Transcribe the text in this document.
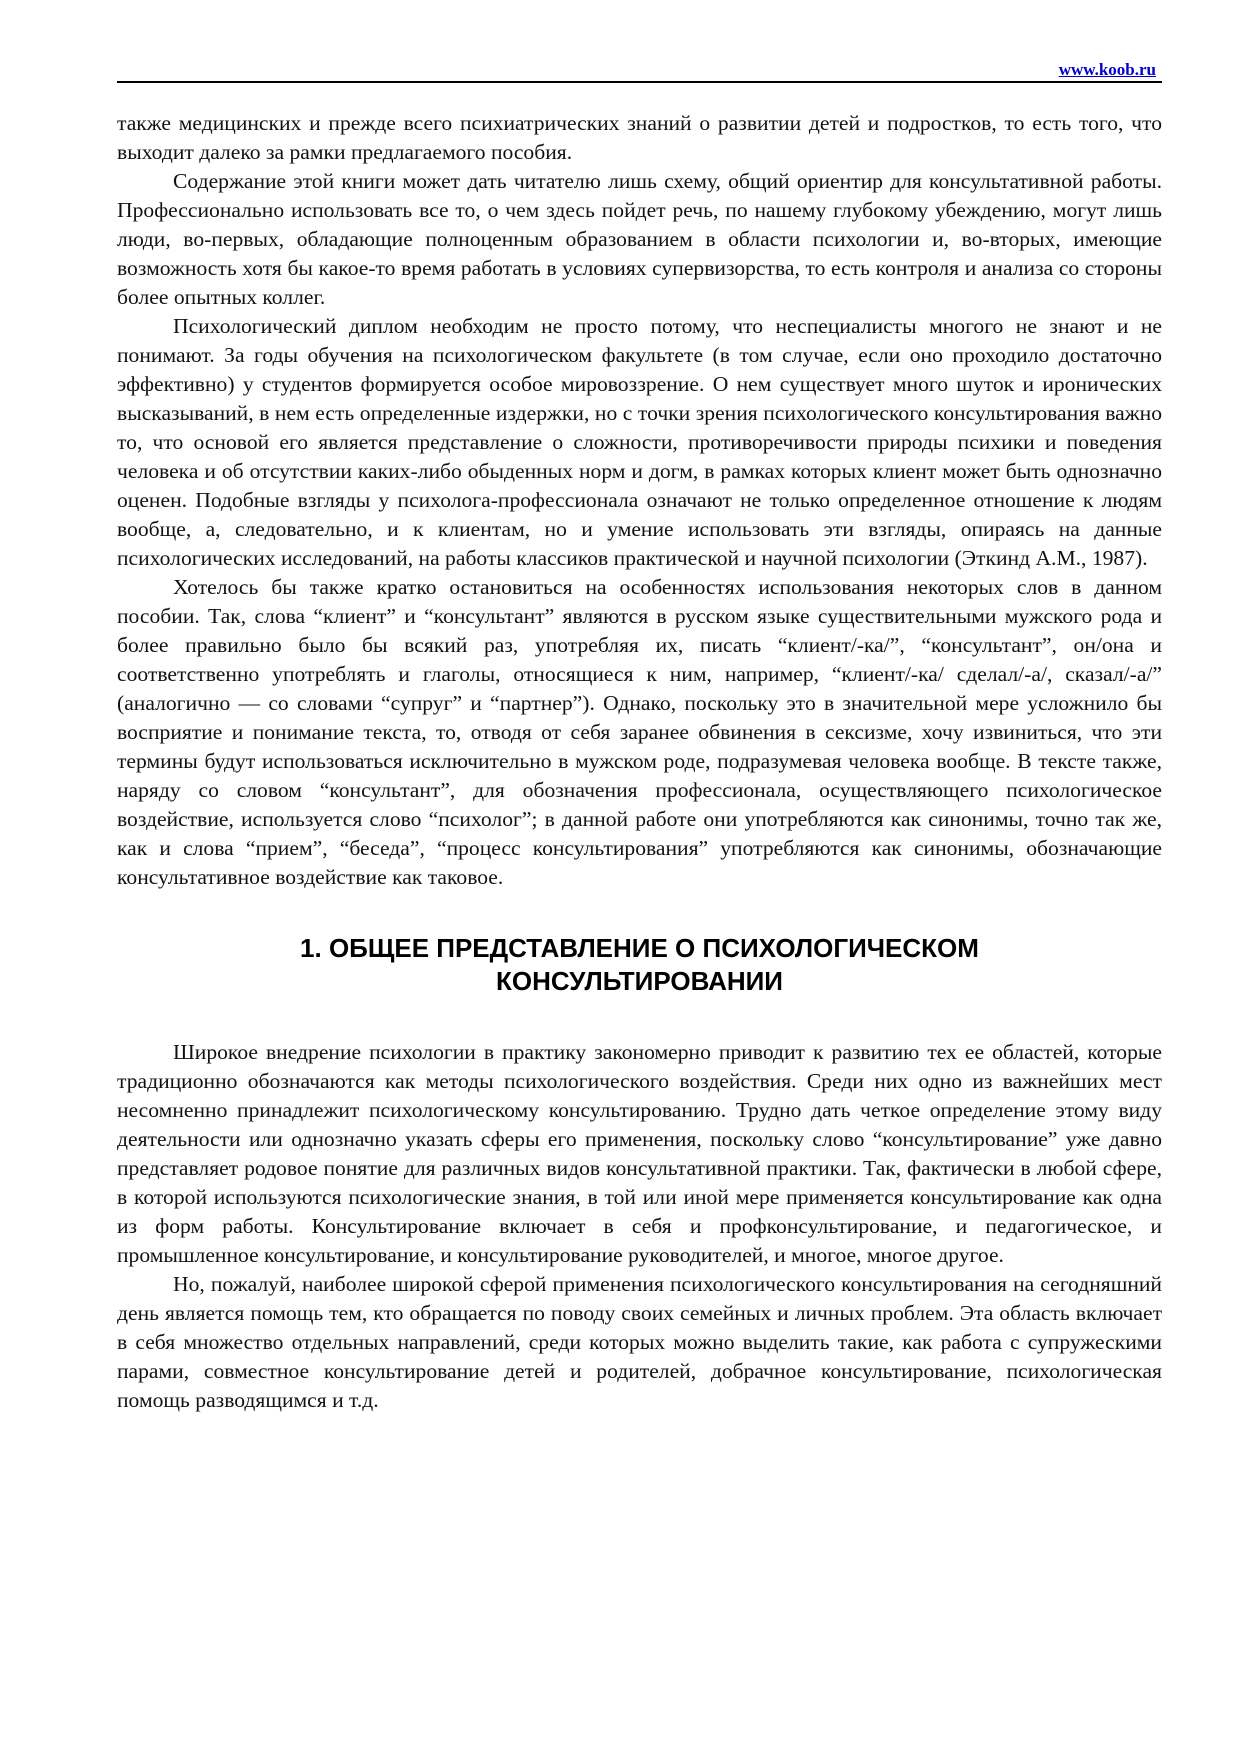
www.koob.ru

также медицинских и прежде всего психиатрических знаний о развитии детей и подростков, то есть того, что выходит далеко за рамки предлагаемого пособия.

Содержание этой книги может дать читателю лишь схему, общий ориентир для консультативной работы. Профессионально использовать все то, о чем здесь пойдет речь, по нашему глубокому убеждению, могут лишь люди, во-первых, обладающие полноценным образованием в области психологии и, во-вторых, имеющие возможность хотя бы какое-то время работать в условиях супервизорства, то есть контроля и анализа со стороны более опытных коллег.

Психологический диплом необходим не просто потому, что неспециалисты многого не знают и не понимают. За годы обучения на психологическом факультете (в том случае, если оно проходило достаточно эффективно) у студентов формируется особое мировоззрение. О нем существует много шуток и иронических высказываний, в нем есть определенные издержки, но с точки зрения психологического консультирования важно то, что основой его является представление о сложности, противоречивости природы психики и поведения человека и об отсутствии каких-либо обыденных норм и догм, в рамках которых клиент может быть однозначно оценен. Подобные взгляды у психолога-профессионала означают не только определенное отношение к людям вообще, а, следовательно, и к клиентам, но и умение использовать эти взгляды, опираясь на данные психологических исследований, на работы классиков практической и научной психологии (Эткинд А.М., 1987).

Хотелось бы также кратко остановиться на особенностях использования некоторых слов в данном пособии. Так, слова “клиент” и “консультант” являются в русском языке существительными мужского рода и более правильно было бы всякий раз, употребляя их, писать “клиент/-ка/”, “консультант”, он/она и соответственно употреблять и глаголы, относящиеся к ним, например, “клиент/-ка/ сделал/-а/, сказал/-а/” (аналогично — со словами “супруг” и “партнер”). Однако, поскольку это в значительной мере усложнило бы восприятие и понимание текста, то, отводя от себя заранее обвинения в сексизме, хочу извиниться, что эти термины будут использоваться исключительно в мужском роде, подразумевая человека вообще. В тексте также, наряду со словом “консультант”, для обозначения профессионала, осуществляющего психологическое воздействие, используется слово “психолог”; в данной работе они употребляются как синонимы, точно так же, как и слова “прием”, “беседа”, “процесс консультирования” употребляются как синонимы, обозначающие консультативное воздействие как таковое.

1. ОБЩЕЕ ПРЕДСТАВЛЕНИЕ О ПСИХОЛОГИЧЕСКОМ
КОНСУЛЬТИРОВАНИИ

Широкое внедрение психологии в практику закономерно приводит к развитию тех ее областей, которые традиционно обозначаются как методы психологического воздействия. Среди них одно из важнейших мест несомненно принадлежит психологическому консультированию. Трудно дать четкое определение этому виду деятельности или однозначно указать сферы его применения, поскольку слово “консультирование” уже давно представляет родовое понятие для различных видов консультативной практики. Так, фактически в любой сфере, в которой используются психологические знания, в той или иной мере применяется консультирование как одна из форм работы. Консультирование включает в себя и профконсультирование, и педагогическое, и промышленное консультирование, и консультирование руководителей, и многое, многое другое.

Но, пожалуй, наиболее широкой сферой применения психологического консультирования на сегодняшний день является помощь тем, кто обращается по поводу своих семейных и личных проблем. Эта область включает в себя множество отдельных направлений, среди которых можно выделить такие, как работа с супружескими парами, совместное консультирование детей и родителей, добрачное консультирование, психологическая помощь разводящимся и т.д.
